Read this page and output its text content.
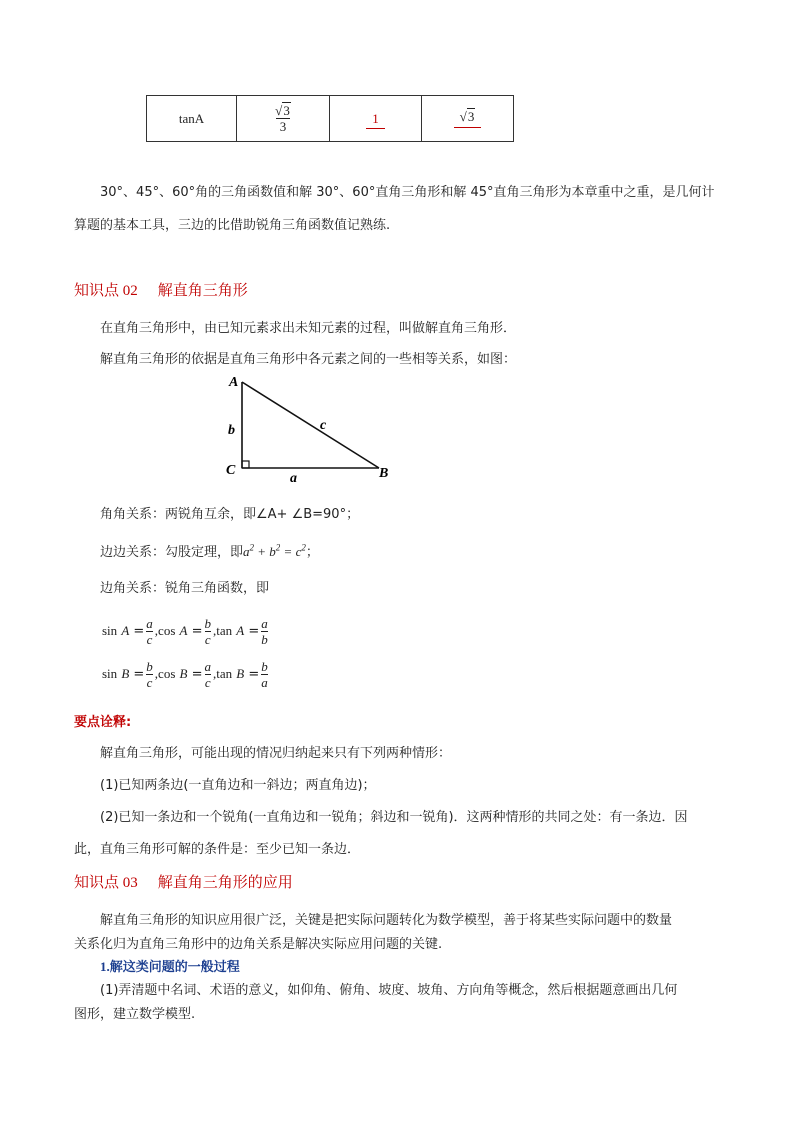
tanA	$\frac{√3}{3}$	1	√3
30°、45°、60°角的三角函数值和解 30°、60°直角三角形和解 45°直角三角形为本章重中之重，是几何计
算题的基本工具，三边的比借助锐角三角函数值记熟练.
知识点 02 解直角三角形
在直角三角形中，由已知元素求出未知元素的过程，叫做解直角三角形．
解直角三角形的依据是直角三角形中各元素之间的一些相等关系，如图：
A
B
C
b	c
a
角角关系：两锐角互余，即∠A+ ∠B=90°；
边边关系：勾股定理，即$a^2 + b^2 = c^2$；
边角关系：锐角三角函数，即
sin
A =
a
c
, cos
A =
b
c
, tan
A =
a
b
sin
B =
b
c
, cos
B =
a
c
, tan
B =
b
a
要点诠释:
解直角三角形，可能出现的情况归纳起来只有下列两种情形：
(1)已知两条边(一直角边和一斜边；两直角边)；
(2)已知一条边和一个锐角(一直角边和一锐角；斜边和一锐角)．这两种情形的共同之处：有一条边．因
此，直角三角形可解的条件是：至少已知一条边．
知识点 03 解直角三角形的应用
解直角三角形的知识应用很广泛，关键是把实际问题转化为数学模型，善于将某些实际问题中的数量
关系化归为直角三角形中的边角关系是解决实际应用问题的关键.
1.解这类问题的一般过程
(1)弄清题中名词、术语的意义，如仰角、俯角、坡度、坡角、方向角等概念，然后根据题意画出几何
图形，建立数学模型.
